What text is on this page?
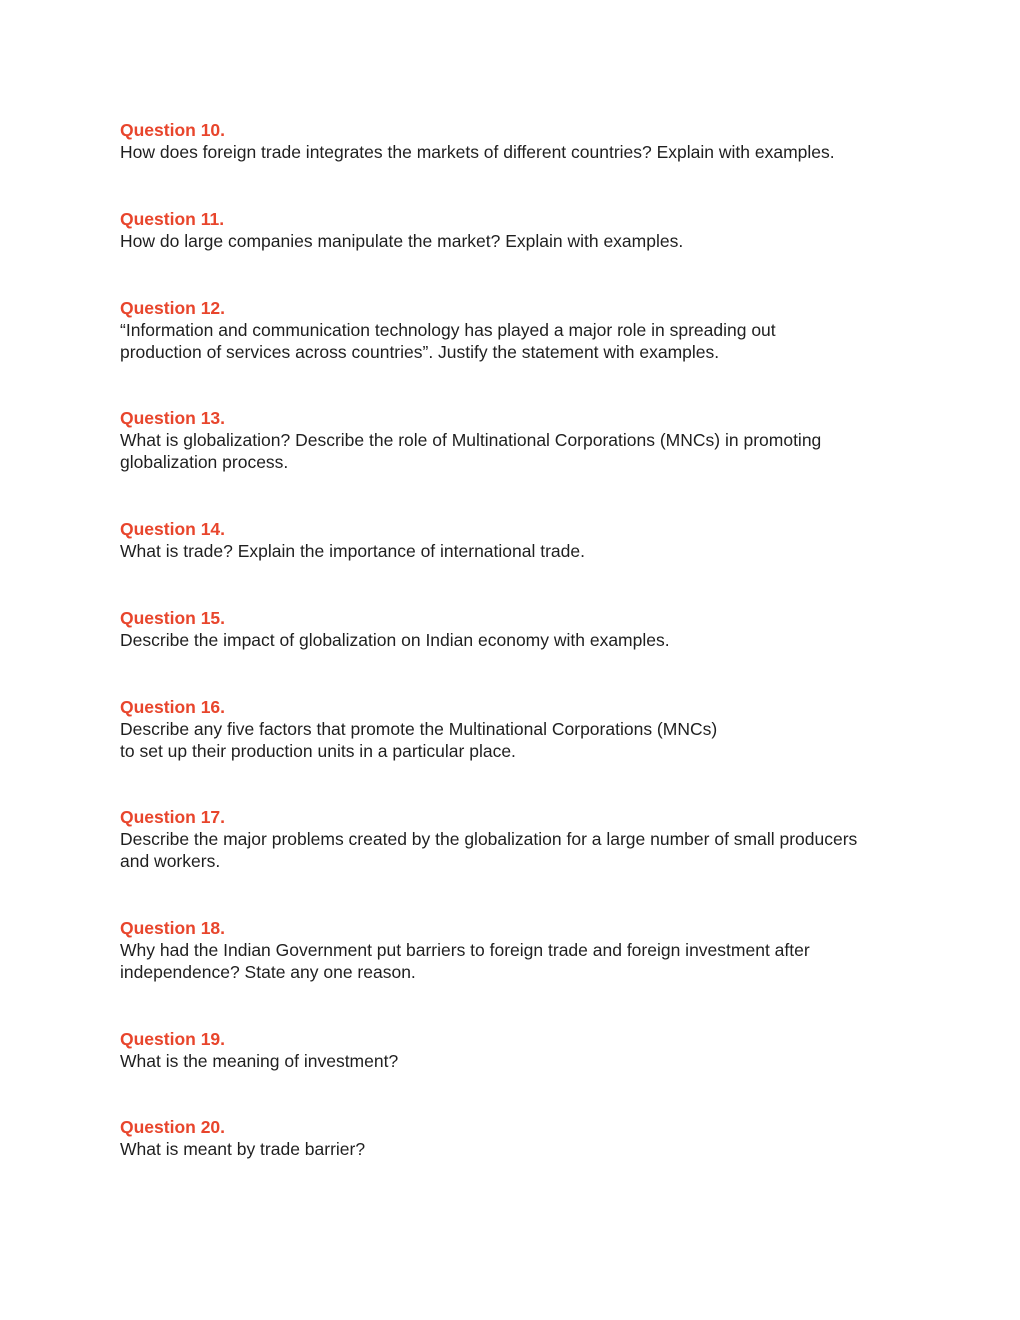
Question 10.
How does foreign trade integrates the markets of different countries? Explain with examples.
Question 11.
How do large companies manipulate the market? Explain with examples.
Question 12.
“Information and communication technology has played a major role in spreading out
production of services across countries”. Justify the statement with examples.
Question 13.
What is globalization? Describe the role of Multinational Corporations (MNCs) in promoting
globalization process.
Question 14.
What is trade? Explain the importance of international trade.
Question 15.
Describe the impact of globalization on Indian economy with examples.
Question 16.
Describe any five factors that promote the Multinational Corporations (MNCs)
to set up their production units in a particular place.
Question 17.
Describe the major problems created by the globalization for a large number of small producers
and workers.
Question 18.
Why had the Indian Government put barriers to foreign trade and foreign investment after
independence? State any one reason.
Question 19.
What is the meaning of investment?
Question 20.
What is meant by trade barrier?
